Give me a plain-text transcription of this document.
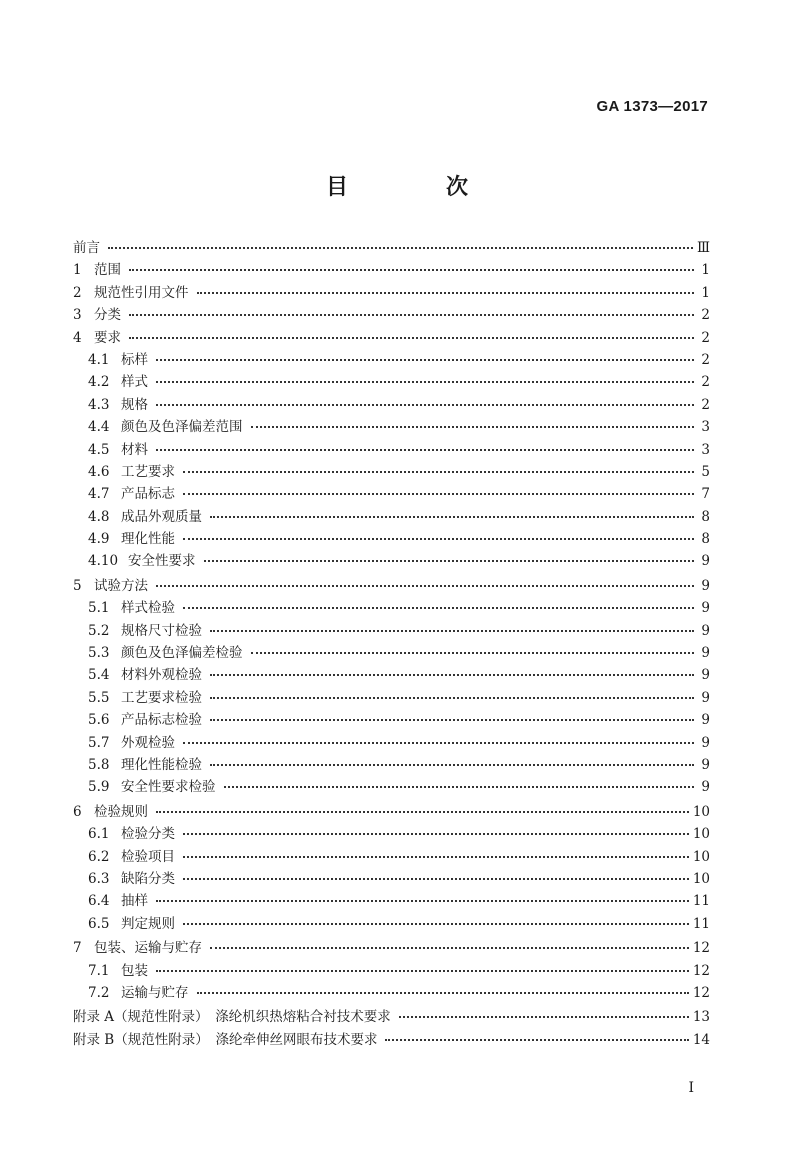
GA 1373—2017
目　次
前言	Ⅲ
1 范围	1
2 规范性引用文件	1
3 分类	2
4 要求	2
4.1 标样	2
4.2 样式	2
4.3 规格	2
4.4 颜色及色泽偏差范围	3
4.5 材料	3
4.6 工艺要求	5
4.7 产品标志	7
4.8 成品外观质量	8
4.9 理化性能	8
4.10 安全性要求	9
5 试验方法	9
5.1 样式检验	9
5.2 规格尺寸检验	9
5.3 颜色及色泽偏差检验	9
5.4 材料外观检验	9
5.5 工艺要求检验	9
5.6 产品标志检验	9
5.7 外观检验	9
5.8 理化性能检验	9
5.9 安全性要求检验	9
6 检验规则	10
6.1 检验分类	10
6.2 检验项目	10
6.3 缺陷分类	10
6.4 抽样	11
6.5 判定规则	11
7 包装、运输与贮存	12
7.1 包装	12
7.2 运输与贮存	12
附录 A（规范性附录）　涤纶机织热熔粘合衬技术要求	13
附录 B（规范性附录）　涤纶牵伸丝网眼布技术要求	14
I
